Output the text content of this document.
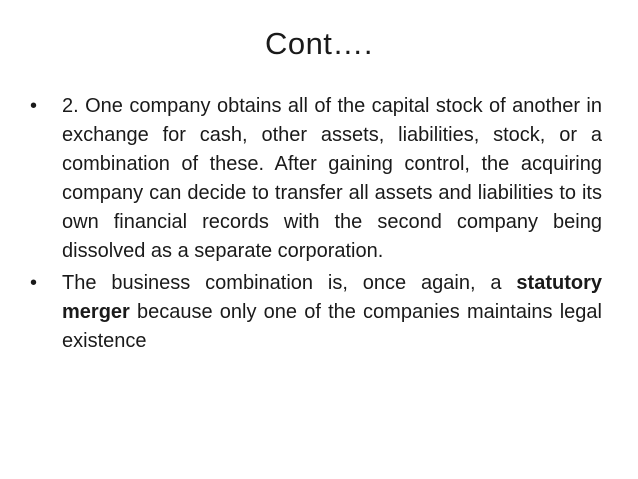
Cont….
•	2. One company obtains all of the capital stock of another in exchange for cash, other assets, liabilities, stock, or a combination of these. After gaining control, the acquiring company can decide to transfer all assets and liabilities to its own financial records with the second company being dissolved as a separate corporation.
•	The business combination is, once again, a statutory merger because only one of the companies maintains legal existence
